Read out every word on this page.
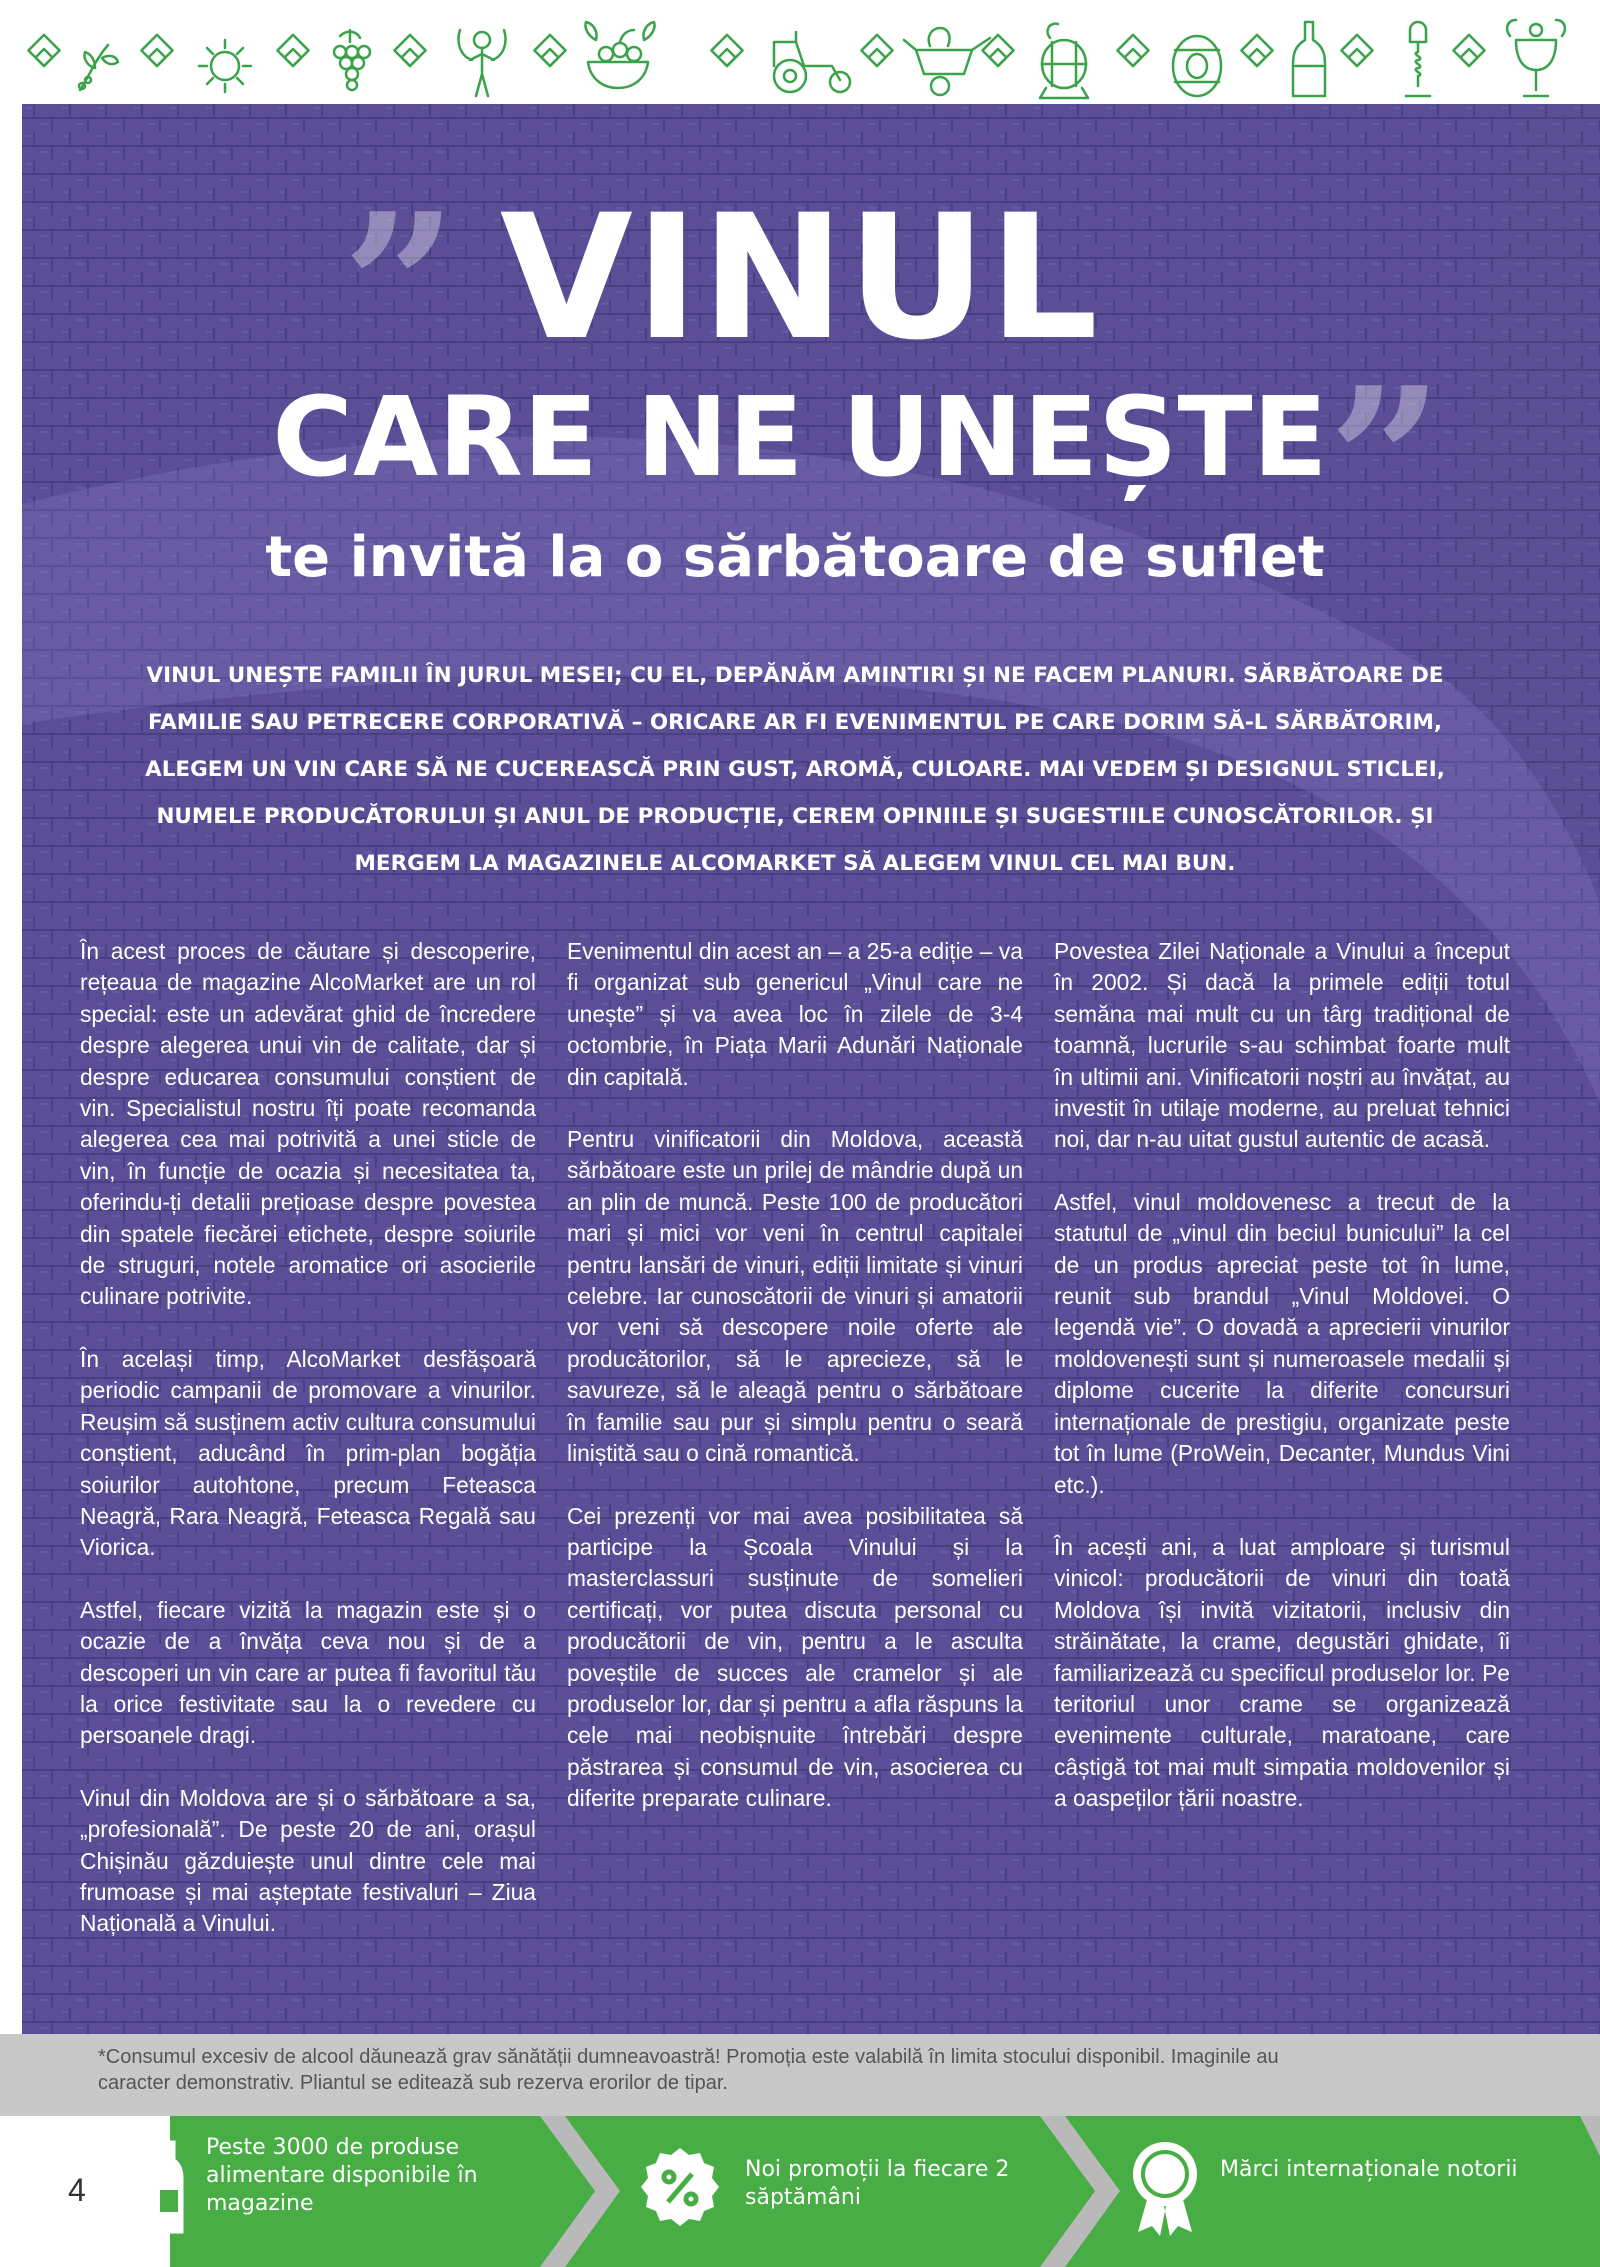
”
”
VINUL
CARE NE UNEȘTE
te invită la o sărbătoare de suflet

VINUL UNEȘTE FAMILII ÎN JURUL MESEI; CU EL, DEPĂNĂM AMINTIRI ȘI NE FACEM PLANURI. SĂRBĂTOARE DE FAMILIE SAU PETRECERE CORPORATIVĂ – ORICARE AR FI EVENIMENTUL PE CARE DORIM SĂ-L SĂRBĂTORIM, ALEGEM UN VIN CARE SĂ NE CUCEREASCĂ PRIN GUST, AROMĂ, CULOARE. MAI VEDEM ȘI DESIGNUL STICLEI, NUMELE PRODUCĂTORULUI ȘI ANUL DE PRODUCȚIE, CEREM OPINIILE ȘI SUGESTIILE CUNOSCĂTORILOR. ȘI MERGEM LA MAGAZINELE ALCOMARKET SĂ ALEGEM VINUL CEL MAI BUN.

În acest proces de căutare și descoperire, rețeaua de magazine AlcoMarket are un rol special: este un adevărat ghid de încredere despre alegerea unui vin de calitate, dar și despre educarea consumului conștient de vin. Specialistul nostru îți poate recomanda alegerea cea mai potrivită a unei sticle de vin, în funcție de ocazia și necesitatea ta, oferindu-ți detalii prețioase despre povestea din spatele fiecărei etichete, despre soiurile de struguri, notele aromatice ori asocierile culinare potrivite.

În același timp, AlcoMarket desfășoară periodic campanii de promovare a vinurilor. Reușim să susținem activ cultura consumului conștient, aducând în prim-plan bogăția soiurilor autohtone, precum Feteasca Neagră, Rara Neagră, Feteasca Regală sau Viorica.

Astfel, fiecare vizită la magazin este și o ocazie de a învăța ceva nou și de a descoperi un vin care ar putea fi favoritul tău la orice festivitate sau la o revedere cu persoanele dragi.

Vinul din Moldova are și o sărbătoare a sa, „profesională”. De peste 20 de ani, orașul Chișinău găzduiește unul dintre cele mai frumoase și mai așteptate festivaluri – Ziua Națională a Vinului.

Evenimentul din acest an – a 25-a ediție – va fi organizat sub genericul „Vinul care ne unește” și va avea loc în zilele de 3-4 octombrie, în Piața Marii Adunări Naționale din capitală.

Pentru vinificatorii din Moldova, această sărbătoare este un prilej de mândrie după un an plin de muncă. Peste 100 de producători mari și mici vor veni în centrul capitalei pentru lansări de vinuri, ediții limitate și vinuri celebre. Iar cunoscătorii de vinuri și amatorii vor veni să descopere noile oferte ale producătorilor, să le aprecieze, să le savureze, să le aleagă pentru o sărbătoare în familie sau pur și simplu pentru o seară liniștită sau o cină romantică.

Cei prezenți vor mai avea posibilitatea să participe la Școala Vinului și la masterclassuri susținute de somelieri certificați, vor putea discuta personal cu producătorii de vin, pentru a le asculta poveștile de succes ale cramelor și ale produselor lor, dar și pentru a afla răspuns la cele mai neobișnuite întrebări despre păstrarea și consumul de vin, asocierea cu diferite preparate culinare.

Povestea Zilei Naționale a Vinului a început în 2002. Și dacă la primele ediții totul semăna mai mult cu un târg tradițional de toamnă, lucrurile s-au schimbat foarte mult în ultimii ani. Vinificatorii noștri au învățat, au investit în utilaje moderne, au preluat tehnici noi, dar n-au uitat gustul autentic de acasă.

Astfel, vinul moldovenesc a trecut de la statutul de „vinul din beciul bunicului” la cel de un produs apreciat peste tot în lume, reunit sub brandul „Vinul Moldovei. O legendă vie”. O dovadă a aprecierii vinurilor moldovenești sunt și numeroasele medalii și diplome cucerite la diferite concursuri internaționale de prestigiu, organizate peste tot în lume (ProWein, Decanter, Mundus Vini etc.).

În acești ani, a luat amploare și turismul vinicol: producătorii de vinuri din toată Moldova își invită vizitatorii, inclusiv din străinătate, la crame, degustări ghidate, îi familiarizează cu specificul produselor lor. Pe teritoriul unor crame se organizează evenimente culturale, maratoane, care câștigă tot mai mult simpatia moldovenilor și a oaspeților țării noastre.

*Consumul excesiv de alcool dăunează grav sănătății dumneavoastră! Promoția este valabilă în limita stocului disponibil. Imaginile au caracter demonstrativ. Pliantul se editează sub rezerva erorilor de tipar.

4
Peste 3000 de produse alimentare disponibile în magazine
Noi promoții la fiecare 2 săptămâni
Mărci internaționale notorii
